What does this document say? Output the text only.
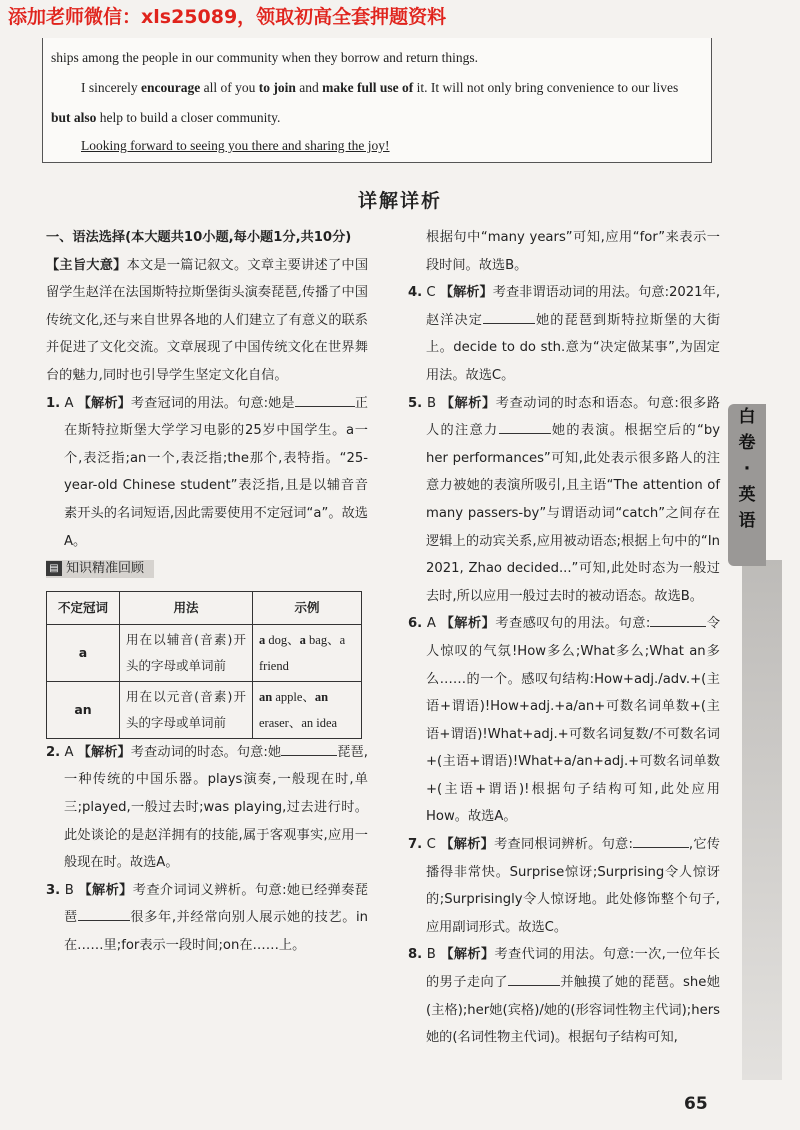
添加老师微信：xls25089，领取初高全套押题资料

ships among the people in our community when they borrow and return things.

I sincerely encourage all of you to join and make full use of it. It will not only bring convenience to our lives

but also help to build a closer community.

Looking forward to seeing you there and sharing the joy!

详解详析

一、语法选择(本大题共10小题,每小题1分,共10分)

【主旨大意】本文是一篇记叙文。文章主要讲述了中国留学生赵洋在法国斯特拉斯堡街头演奏琵琶,传播了中国传统文化,还与来自世界各地的人们建立了有意义的联系并促进了文化交流。文章展现了中国传统文化在世界舞台的魅力,同时也引导学生坚定文化自信。

1. A 【解析】考查冠词的用法。句意:她是	正在斯特拉斯堡大学学习电影的25岁中国学生。a一个,表泛指;an一个,表泛指;the那个,表特指。“25-year-old Chinese student”表泛指,且是以辅音音素开头的名词短语,因此需要使用不定冠词“a”。故选A。

▤ 知识精准回顾
不定冠词	用法	示例
a	用在以辅音(音素)开头的字母或单词前	a dog、a bag、a friend
an	用在以元音(音素)开头的字母或单词前	an apple、an eraser、an idea

2. A 【解析】考查动词的时态。句意:她	琵琶,一种传统的中国乐器。plays演奏,一般现在时,单三;played,一般过去时;was playing,过去进行时。此处谈论的是赵洋拥有的技能,属于客观事实,应用一般现在时。故选A。

3. B 【解析】考查介词词义辨析。句意:她已经弹奏琵琶	很多年,并经常向别人展示她的技艺。in在……里;for表示一段时间;on在……上。

根据句中“many years”可知,应用“for”来表示一段时间。故选B。

4. C 【解析】考查非谓语动词的用法。句意:2021年,赵洋决定	她的琵琶到斯特拉斯堡的大街上。decide to do sth.意为“决定做某事”,为固定用法。故选C。

5. B 【解析】考查动词的时态和语态。句意:很多路人的注意力	她的表演。根据空后的“by her performances”可知,此处表示很多路人的注意力被她的表演所吸引,且主语“The attention of many passers-by”与谓语动词“catch”之间存在逻辑上的动宾关系,应用被动语态;根据上句中的“In 2021, Zhao decided...”可知,此处时态为一般过去时,所以应用一般过去时的被动语态。故选B。

6. A 【解析】考查感叹句的用法。句意:	令人惊叹的气氛!How多么;What多么;What an多么……的一个。感叹句结构:How+adj./adv.+(主语+谓语)!How+adj.+a/an+可数名词单数+(主语+谓语)!What+adj.+可数名词复数/不可数名词+(主语+谓语)!What+a/an+adj.+可数名词单数+(主语+谓语)!根据句子结构可知,此处应用How。故选A。

7. C 【解析】考查同根词辨析。句意:	,它传播得非常快。Surprise惊讶;Surprising令人惊讶的;Surprisingly令人惊讶地。此处修饰整个句子,应用副词形式。故选C。

8. B 【解析】考查代词的用法。句意:一次,一位年长的男子走向了	并触摸了她的琵琶。she她(主格);her她(宾格)/她的(形容词性物主代词);hers她的(名词性物主代词)。根据句子结构可知,

白
卷
·
英
语
65
